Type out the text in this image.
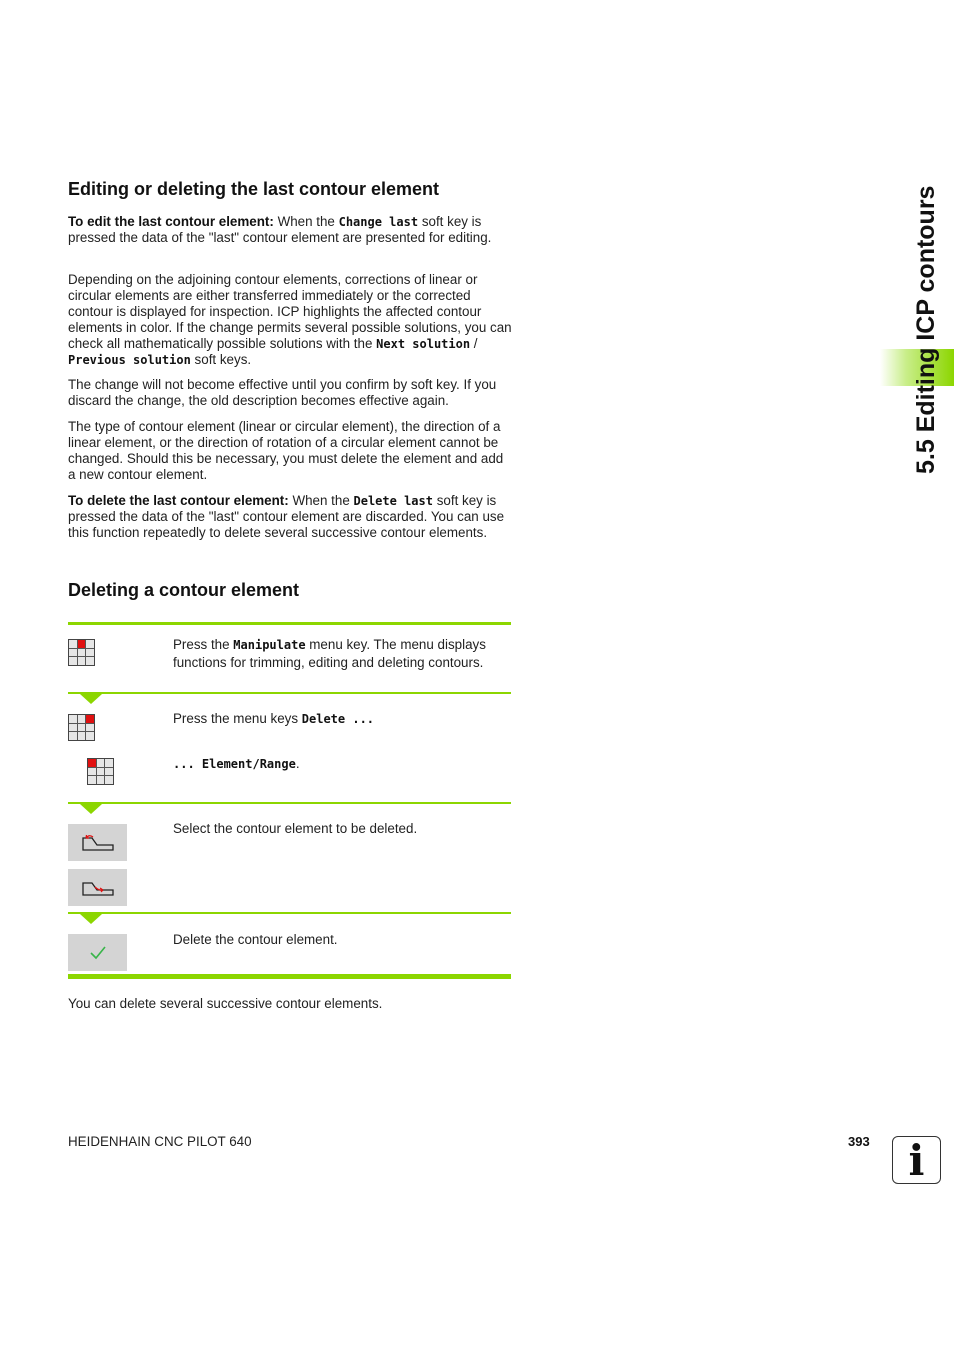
5.5 Editing ICP contours
Editing or deleting the last contour element

To edit the last contour element: When the Change last soft key is pressed the data of the "last" contour element are presented for editing.

Depending on the adjoining contour elements, corrections of linear or circular elements are either transferred immediately or the corrected contour is displayed for inspection. ICP highlights the affected contour elements in color. If the change permits several possible solutions, you can check all mathematically possible solutions with the Next solution / Previous solution soft keys.

The change will not become effective until you confirm by soft key. If you discard the change, the old description becomes effective again.

The type of contour element (linear or circular element), the direction of a linear element, or the direction of rotation of a circular element cannot be changed. Should this be necessary, you must delete the element and add a new contour element.

To delete the last contour element: When the Delete last soft key is pressed the data of the "last" contour element are discarded. You can use this function repeatedly to delete several successive contour elements.

Deleting a contour element

Press the Manipulate menu key. The menu displays functions for trimming, editing and deleting contours.

Press the menu keys Delete ...

... Element/Range.

Select the contour element to be deleted.

Delete the contour element.

You can delete several successive contour elements.

HEIDENHAIN CNC PILOT 640	393 i
